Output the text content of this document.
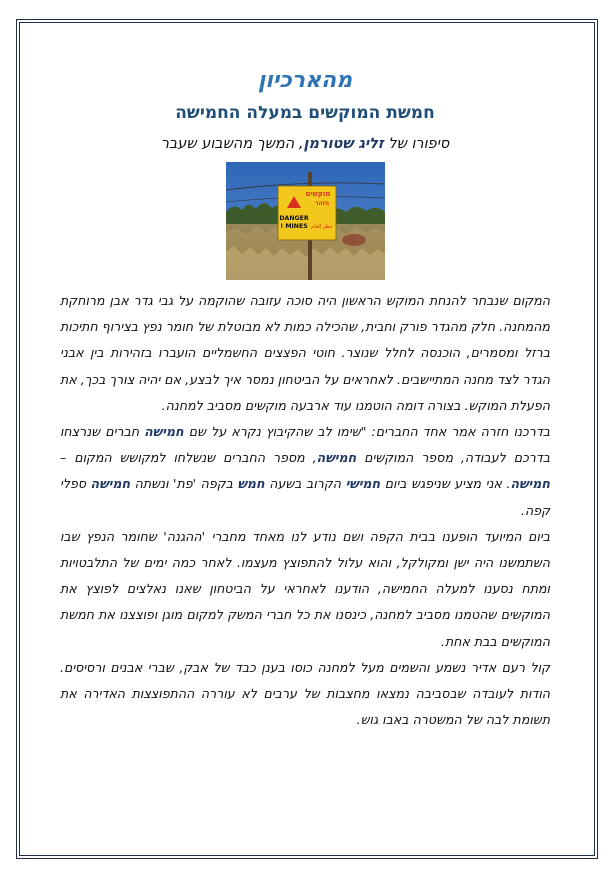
מהארכיון
חמשת המוקשים במעלה החמישה
סיפורו של זליג שטורמן, המשך מהשבוע שעבר
מוקשים
הזהר
DANGER
MINES ! خطر ألغام

המקום שנבחר להנחת המוקש הראשון היה סוכה עזובה שהוקמה על גבי גדר אבן מרוחקת מהמחנה. חלק מהגדר פורק וחבית, שהכילה כמות לא מבוטלת של חומר נפץ בצירוף חתיכות ברזל ומסמרים, הוכנסה לחלל שנוצר. חוטי הפצצים החשמליים הועברו בזהירות בין אבני הגדר לצד מחנה המתיישבים. לאחראים על הביטחון נמסר איך לבצע, אם יהיה צורך בכך, את הפעלת המוקש. בצורה דומה הוטמנו עוד ארבעה מוקשים מסביב למחנה.

בדרכנו חזרה אמר אחד החברים: "שימו לב שהקיבוץ נקרא על שם חמישה חברים שנרצחו בדרכם לעבודה, מספר המוקשים חמישה, מספר החברים שנשלחו למקושש המקום – חמישה. אני מציע שניפגש ביום חמישי הקרוב בשעה חמש בקפה 'פת' ונשתה חמישה ספלי קפה.

ביום המיועד הופענו בבית הקפה ושם נודע לנו מאחד מחברי 'ההגנה' שחומר הנפץ שבו השתמשנו היה ישן ומקולקל, והוא עלול להתפוצץ מעצמו. לאחר כמה ימים של התלבטויות ומתח נסענו למעלה החמישה, הודענו לאחראי על הביטחון שאנו נאלצים לפוצץ את המוקשים שהטמנו מסביב למחנה, כינסנו את כל חברי המשק למקום מוגן ופוצצנו את חמשת המוקשים בבת אחת.

קול רעם אדיר נשמע והשמים מעל למחנה כוסו בענן כבד של אבק, שברי אבנים ורסיסים. הודות לעובדה שבסביבה נמצאו מחצבות של ערבים לא עוררה ההתפוצצות האדירה את תשומת לבה של המשטרה באבו גוש.
